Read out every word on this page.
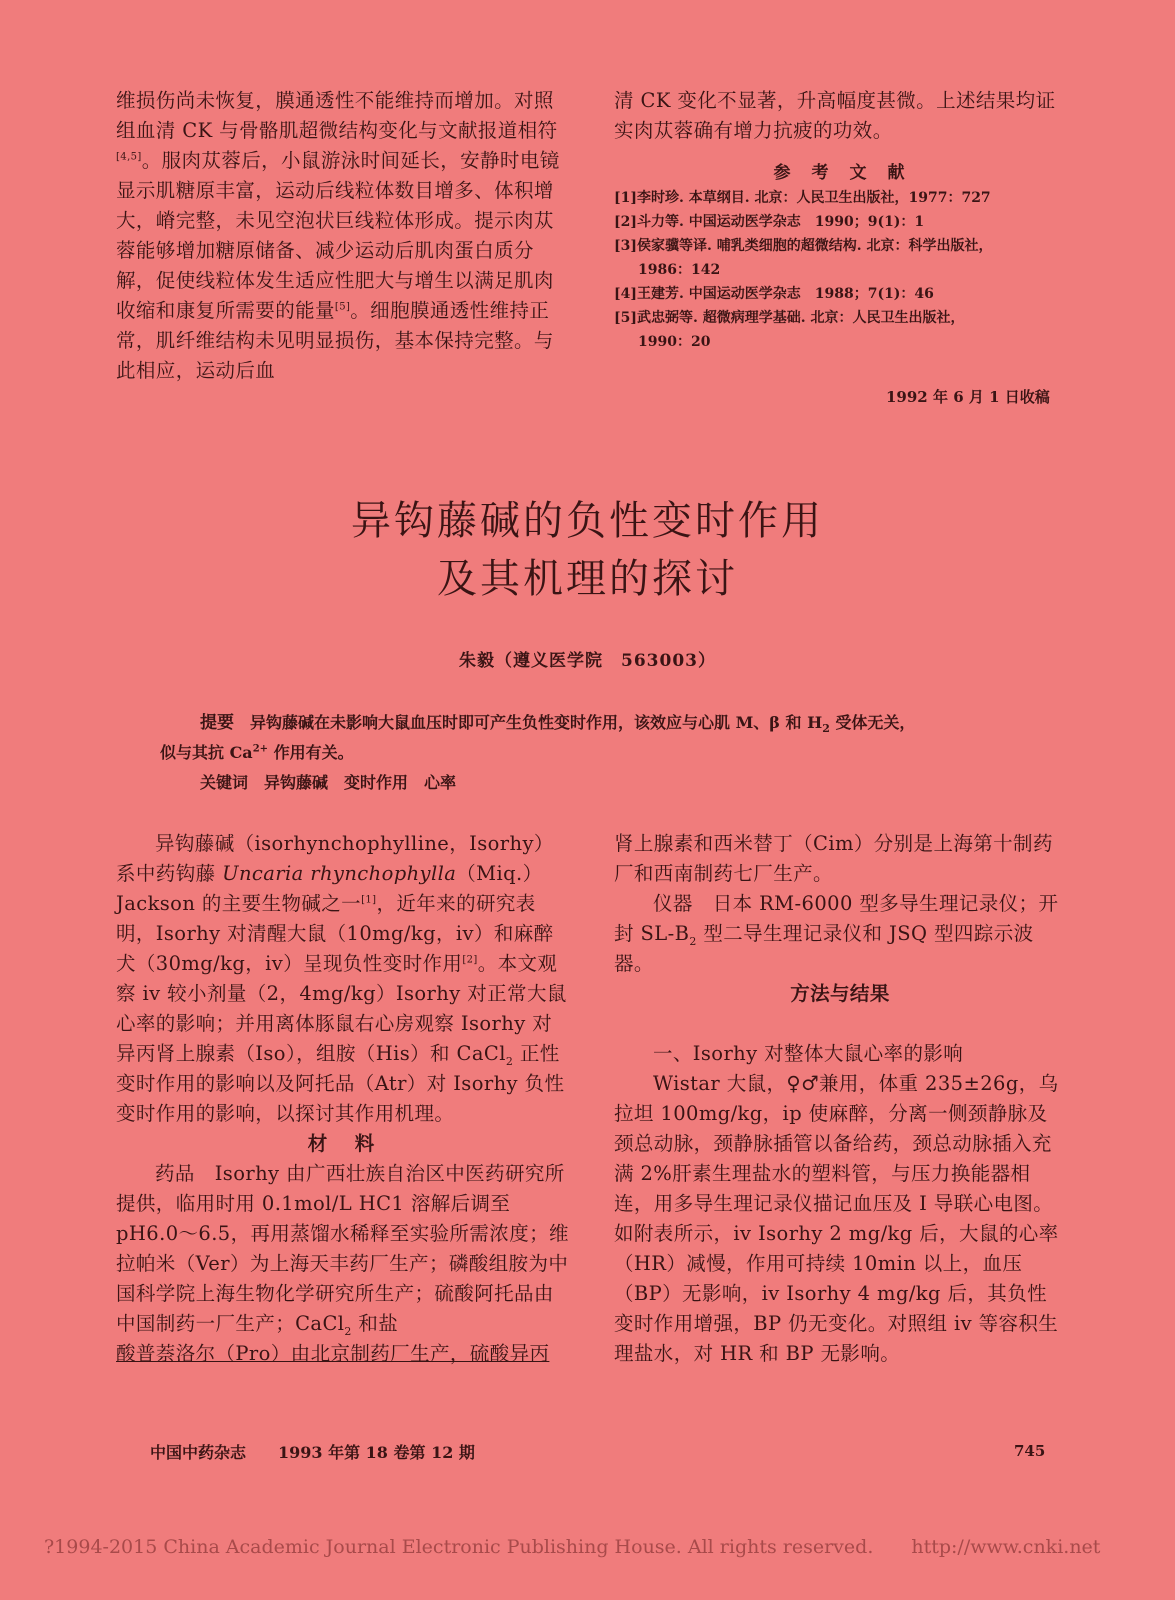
维损伤尚未恢复，膜通透性不能维持而增加。对照组血清 CK 与骨骼肌超微结构变化与文献报道相符[4,5]。服肉苁蓉后，小鼠游泳时间延长，安静时电镜显示肌糖原丰富，运动后线粒体数目增多、体积增大，嵴完整，未见空泡状巨线粒体形成。提示肉苁蓉能够增加糖原储备、减少运动后肌肉蛋白质分解，促使线粒体发生适应性肥大与增生以满足肌肉收缩和康复所需要的能量[5]。细胞膜通透性维持正常，肌纤维结构未见明显损伤，基本保持完整。与此相应，运动后血

清 CK 变化不显著，升高幅度甚微。上述结果均证实肉苁蓉确有增力抗疲的功效。

参　考　文　献

[1]李时珍. 本草纲目. 北京：人民卫生出版社，1977：727

[2]斗力等. 中国运动医学杂志　1990；9(1)：1

[3]侯家骥等译. 哺乳类细胞的超微结构. 北京：科学出版社，

1986：142

[4]王建芳. 中国运动医学杂志　1988；7(1)：46

[5]武忠弼等. 超微病理学基础. 北京：人民卫生出版社，

1990：20

1992 年 6 月 1 日收稿
异钩藤碱的负性变时作用
及其机理的探讨
朱毅（遵义医学院　563003）
提要　 异钩藤碱在未影响大鼠血压时即可产生负性变时作用，该效应与心肌 M、β 和 $H_2$ 受体无关，
似与其抗 $Ca^{2+}$ 作用有关。
关键词　 异钩藤碱　变时作用　心率

异钩藤碱（isorhynchophylline，Isorhy）系中药钩藤 Uncaria rhynchophylla（Miq.）Jackson 的主要生物碱之一[1]，近年来的研究表明，Isorhy 对清醒大鼠（10mg/kg，iv）和麻醉犬（30mg/kg，iv）呈现负性变时作用[2]。本文观察 iv 较小剂量（2，4mg/kg）Isorhy 对正常大鼠心率的影响；并用离体豚鼠右心房观察 Isorhy 对异丙肾上腺素（Iso），组胺（His）和 CaCl$_2$ 正性变时作用的影响以及阿托品（Atr）对 Isorhy 负性变时作用的影响，以探讨其作用机理。

材　料

药品　Isorhy 由广西壮族自治区中医药研究所提供，临用时用 0.1mol/L HC1 溶解后调至 pH6.0～6.5，再用蒸馏水稀释至实验所需浓度；维拉帕米（Ver）为上海天丰药厂生产；磷酸组胺为中国科学院上海生物化学研究所生产；硫酸阿托品由中国制药一厂生产；CaCl$_2$ 和盐

酸普萘洛尔（Pro）由北京制药厂生产，硫酸异丙

肾上腺素和西米替丁（Cim）分别是上海第十制药厂和西南制药七厂生产。

仪器　日本 RM-6000 型多导生理记录仪；开封 $SL-B_2$ 型二导生理记录仪和 JSQ 型四踪示波器。

方法与结果

一、Isorhy 对整体大鼠心率的影响

Wistar 大鼠，♀♂兼用，体重 235±26g，乌拉坦 100mg/kg，ip 使麻醉，分离一侧颈静脉及颈总动脉，颈静脉插管以备给药，颈总动脉插入充满 2%肝素生理盐水的塑料管，与压力换能器相连，用多导生理记录仪描记血压及 Ⅰ 导联心电图。如附表所示，iv Isorhy 2 mg/kg 后，大鼠的心率（HR）减慢，作用可持续 10min 以上，血压（BP）无影响，iv Isorhy 4 mg/kg 后，其负性变时作用增强，BP 仍无变化。对照组 iv 等容积生理盐水，对 HR 和 BP 无影响。

中国中药杂志　　1993 年第 18 卷第 12 期	745
?1994-2015 China Academic Journal Electronic Publishing House. All rights reserved.　　http://www.cnki.net
